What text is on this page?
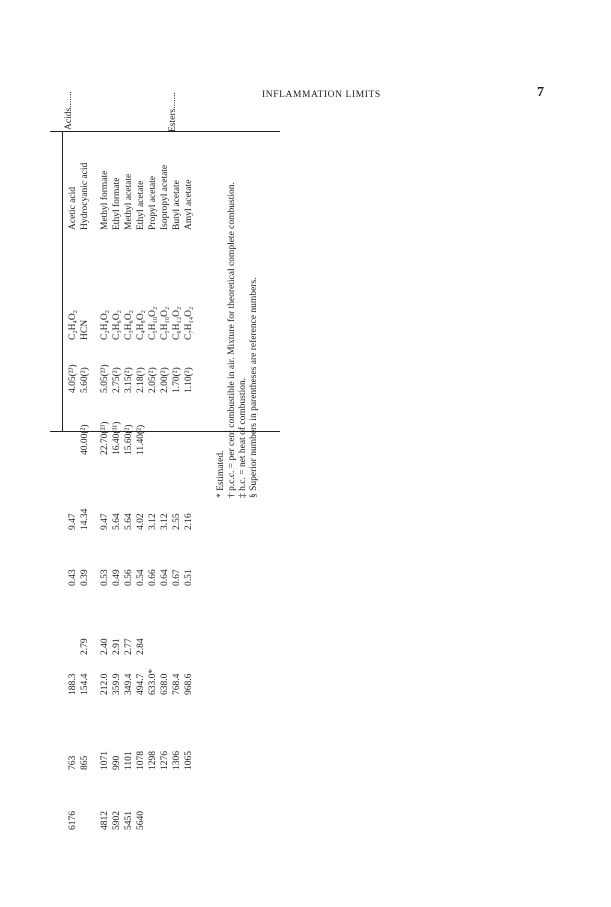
INFLAMMATION LIMITS	7
Acids.......	Esters.......
Acetic acid
C₂H₄O₂
4.05(²³)
9.47
0.43
188.3
763
6176
Hydrocyanic acid
HCN
5.60(²)
40.00(²)
14.34
0.39
2.79
154.4
865
Methyl formate
C₂H₄O₂
5.05(²³)
22.70(²³)
9.47
0.53
2.40
212.0
1071
4812
Ethyl formate
C₃H₆O₂
2.75(²)
16.40(³¹)
5.64
0.49
2.91
359.9
990
5902
Methyl acetate
C₃H₆O₂
3.15(²)
15.60(²)
5.64
0.56
2.77
349.4
1101
5451
Ethyl acetate
C₄H₈O₂
2.18(¹)
11.40(²)
4.02
0.54
2.84
494.7
1078
5640
Propyl acetate
C₅H₁₀O₂
2.05(²)
3.12
0.66
633.0*
1298
Isopropyl acetate
C₅H₁₀O₂
2.00(²)
3.12
0.64
638.0
1276
Butyl acetate
C₆H₁₂O₂
1.70(²)
2.55
0.67
768.4
1306
Amyl acetate
C₇H₁₄O₂
1.10(²)
2.16
0.51
968.6
1065
* Estimated. † p.c.c. = per cent combustible in air. Mixture for theoretical complete combustion. ‡ h.c. = net heat of combustion. § Superior numbers in parentheses are reference numbers.
